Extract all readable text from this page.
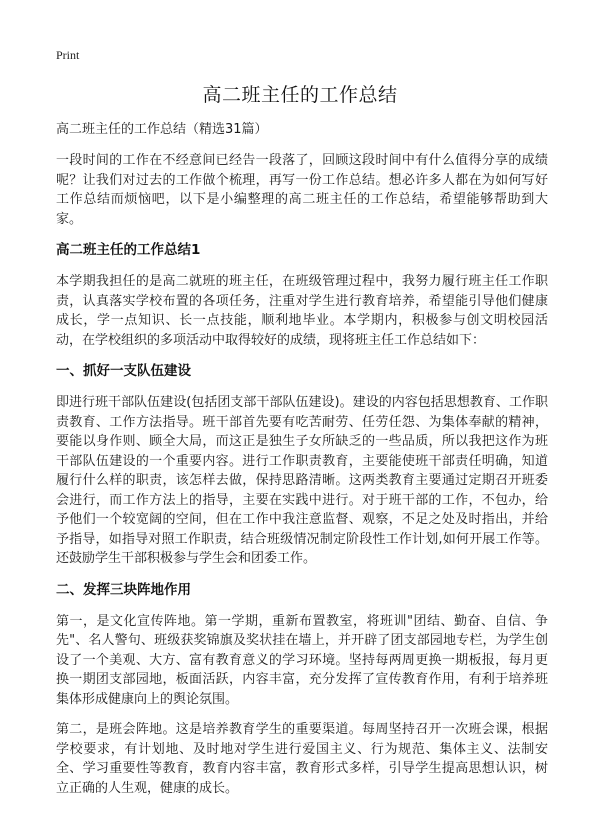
Print
高二班主任的工作总结
高二班主任的工作总结（精选31篇）

一段时间的工作在不经意间已经告一段落了，回顾这段时间中有什么值得分享的成绩呢？让我们对过去的工作做个梳理，再写一份工作总结。想必许多人都在为如何写好工作总结而烦恼吧，以下是小编整理的高二班主任的工作总结，希望能够帮助到大家。

高二班主任的工作总结1

本学期我担任的是高二就班的班主任，在班级管理过程中，我努力履行班主任工作职责，认真落实学校布置的各项任务，注重对学生进行教育培养，希望能引导他们健康成长，学一点知识、长一点技能，顺利地毕业。本学期内，积极参与创文明校园活动，在学校组织的多项活动中取得较好的成绩，现将班主任工作总结如下：

一、抓好一支队伍建设

即进行班干部队伍建设(包括团支部干部队伍建设)。建设的内容包括思想教育、工作职责教育、工作方法指导。班干部首先要有吃苦耐劳、任劳任怨、为集体奉献的精神，要能以身作则、顾全大局，而这正是独生子女所缺乏的一些品质，所以我把这作为班干部队伍建设的一个重要内容。进行工作职责教育，主要能使班干部责任明确，知道履行什么样的职责，该怎样去做，保持思路清晰。这两类教育主要通过定期召开班委会进行，而工作方法上的指导，主要在实践中进行。对于班干部的工作，不包办，给予他们一个较宽阔的空间，但在工作中我注意监督、观察，不足之处及时指出，并给予指导，如指导对照工作职责，结合班级情况制定阶段性工作计划,如何开展工作等。还鼓励学生干部积极参与学生会和团委工作。

二、发挥三块阵地作用

第一，是文化宣传阵地。第一学期，重新布置教室，将班训"团结、勤奋、自信、争先"、名人警句、班级获奖锦旗及奖状挂在墙上，并开辟了团支部园地专栏，为学生创设了一个美观、大方、富有教育意义的学习环境。坚持每两周更换一期板报，每月更换一期团支部园地，板面活跃，内容丰富，充分发挥了宣传教育作用，有利于培养班集体形成健康向上的舆论氛围。

第二，是班会阵地。这是培养教育学生的重要渠道。每周坚持召开一次班会课，根据学校要求，有计划地、及时地对学生进行爱国主义、行为规范、集体主义、法制安全、学习重要性等教育，教育内容丰富，教育形式多样，引导学生提高思想认识，树立正确的人生观，健康的成长。
